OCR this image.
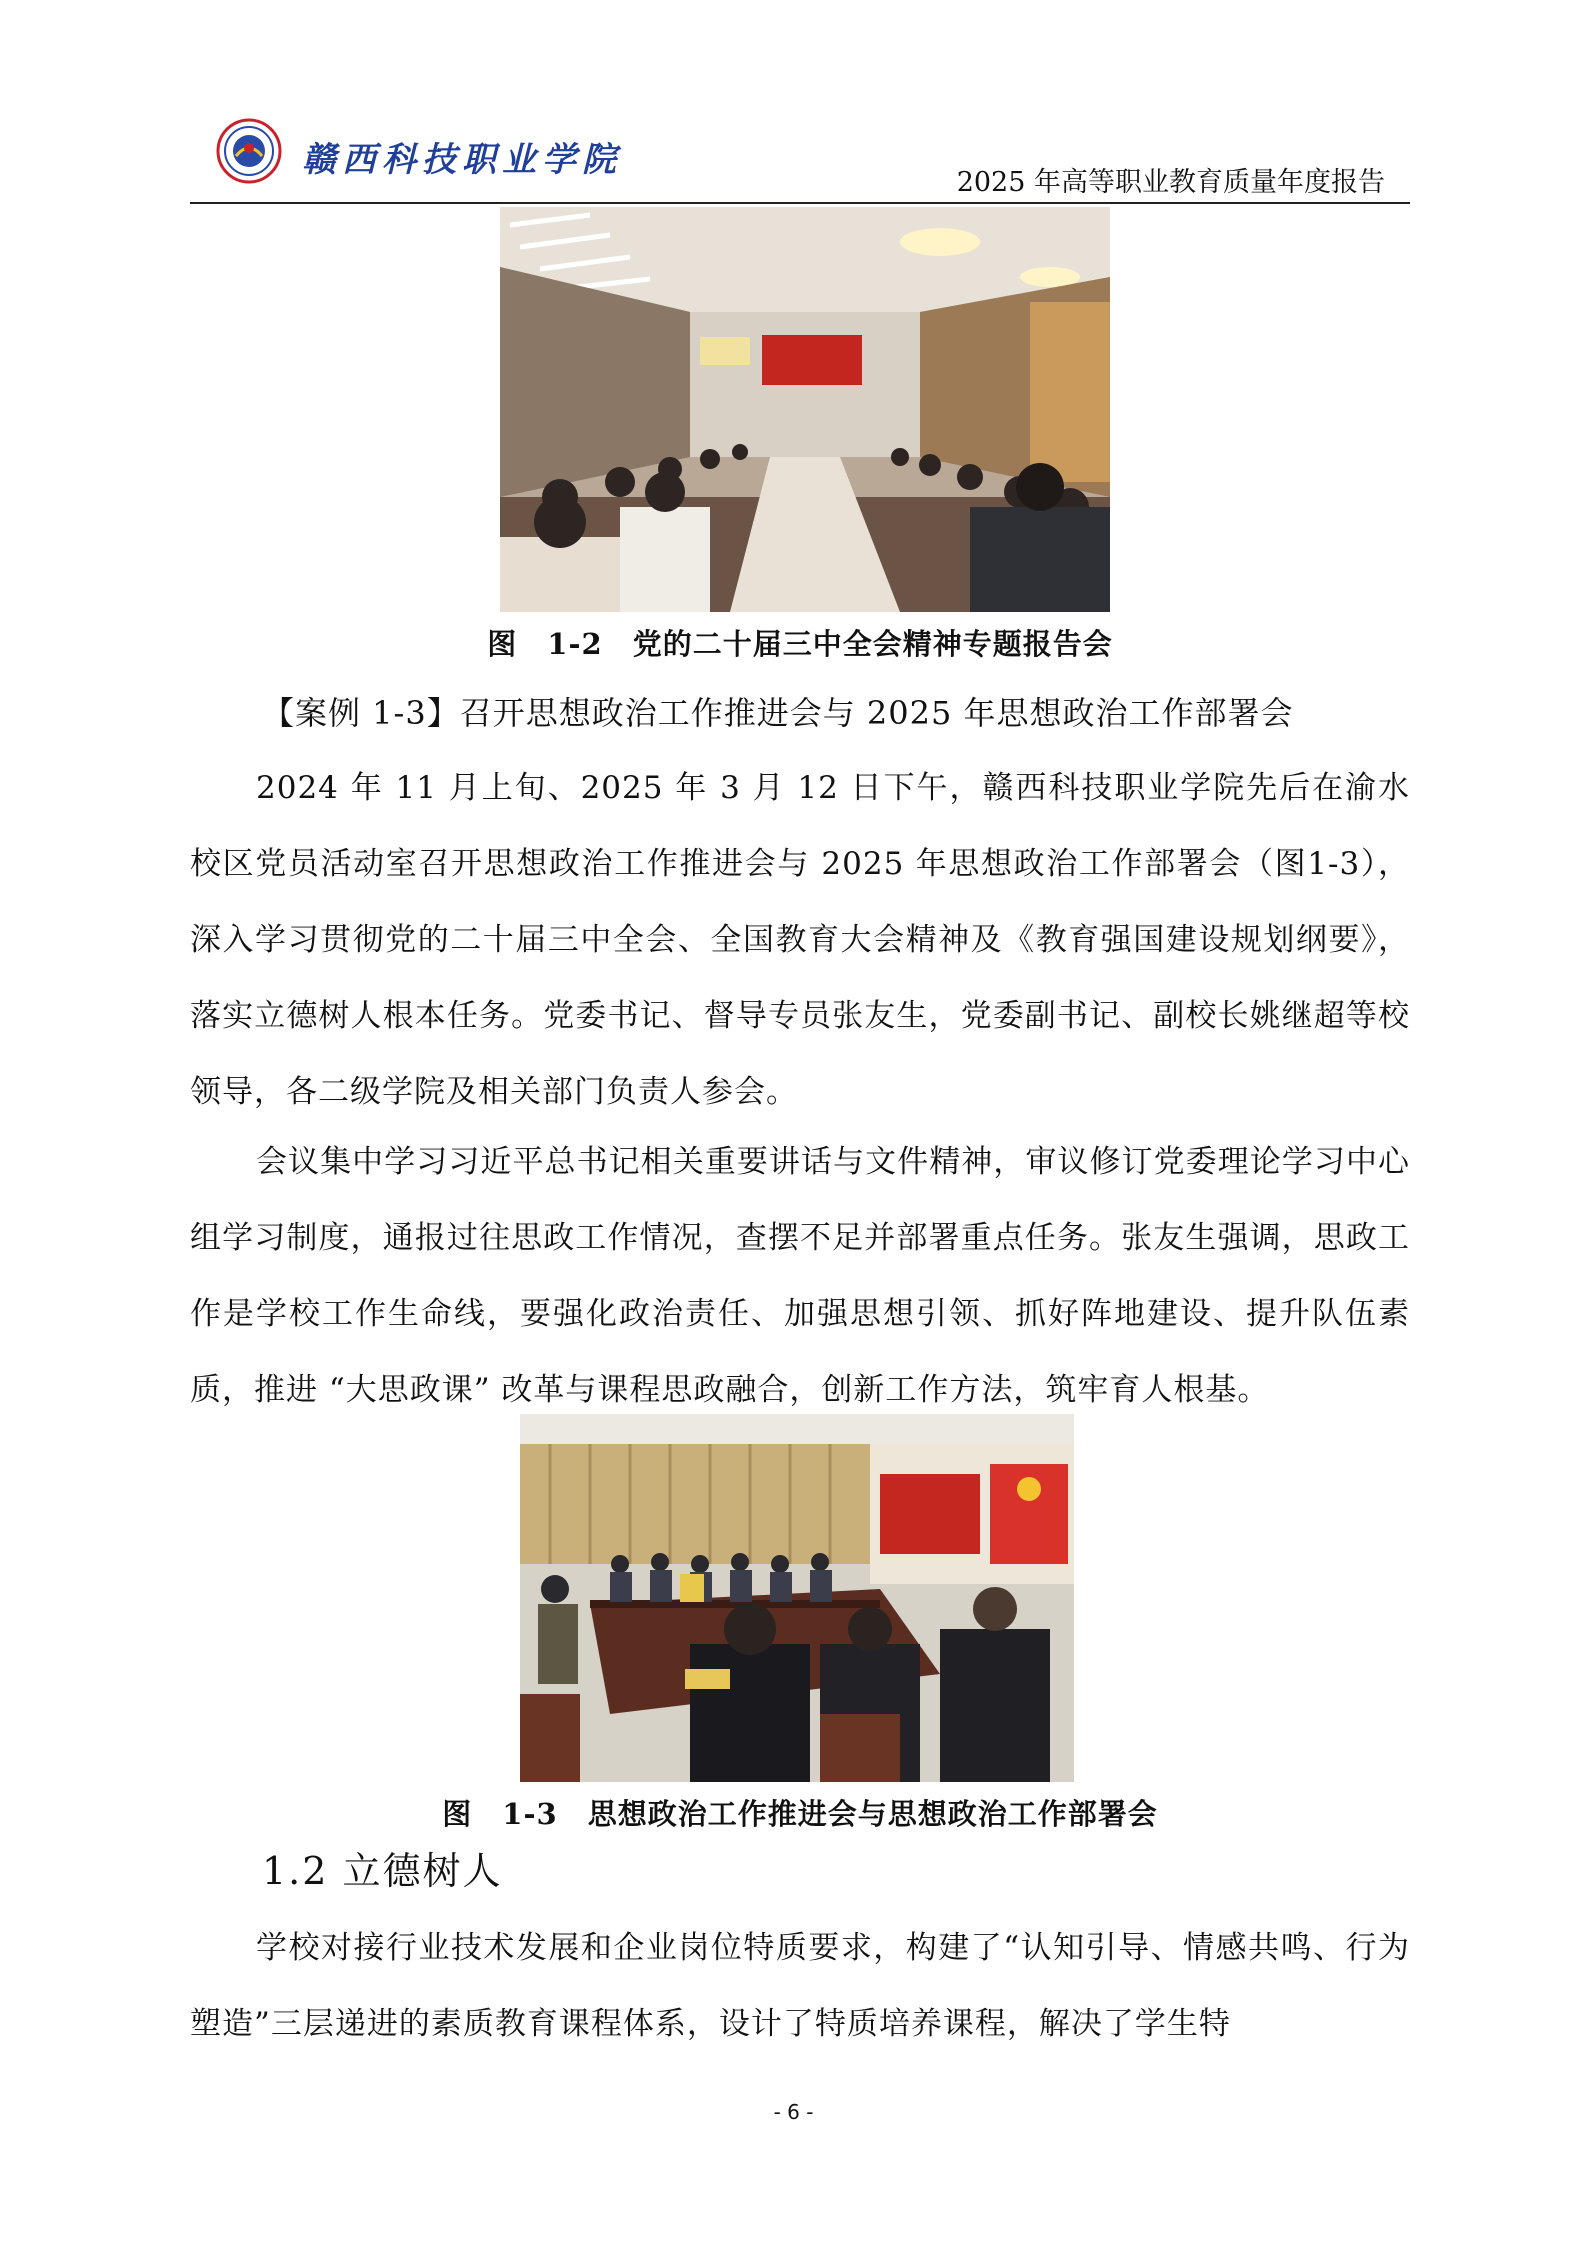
赣西科技职业学院
2025 年高等职业教育质量年度报告
图　1-2　党的二十届三中全会精神专题报告会
【案例 1-3】召开思想政治工作推进会与 2025 年思想政治工作部署会

2024 年 11 月上旬、2025 年 3 月 12 日下午，赣西科技职业学院先后在渝水校区党员活动室召开思想政治工作推进会与 2025 年思想政治工作部署会（图1-3），深入学习贯彻党的二十届三中全会、全国教育大会精神及《教育强国建设规划纲要》，落实立德树人根本任务。党委书记、督导专员张友生，党委副书记、副校长姚继超等校领导，各二级学院及相关部门负责人参会。

会议集中学习习近平总书记相关重要讲话与文件精神，审议修订党委理论学习中心组学习制度，通报过往思政工作情况，查摆不足并部署重点任务。张友生强调，思政工作是学校工作生命线，要强化政治责任、加强思想引领、抓好阵地建设、提升队伍素质，推进 “大思政课” 改革与课程思政融合，创新工作方法，筑牢育人根基。

图　1-3　思想政治工作推进会与思想政治工作部署会
1.2 立德树人

学校对接行业技术发展和企业岗位特质要求，构建了“认知引导、情感共鸣、行为塑造”三层递进的素质教育课程体系，设计了特质培养课程，解决了学生特

- 6 -
